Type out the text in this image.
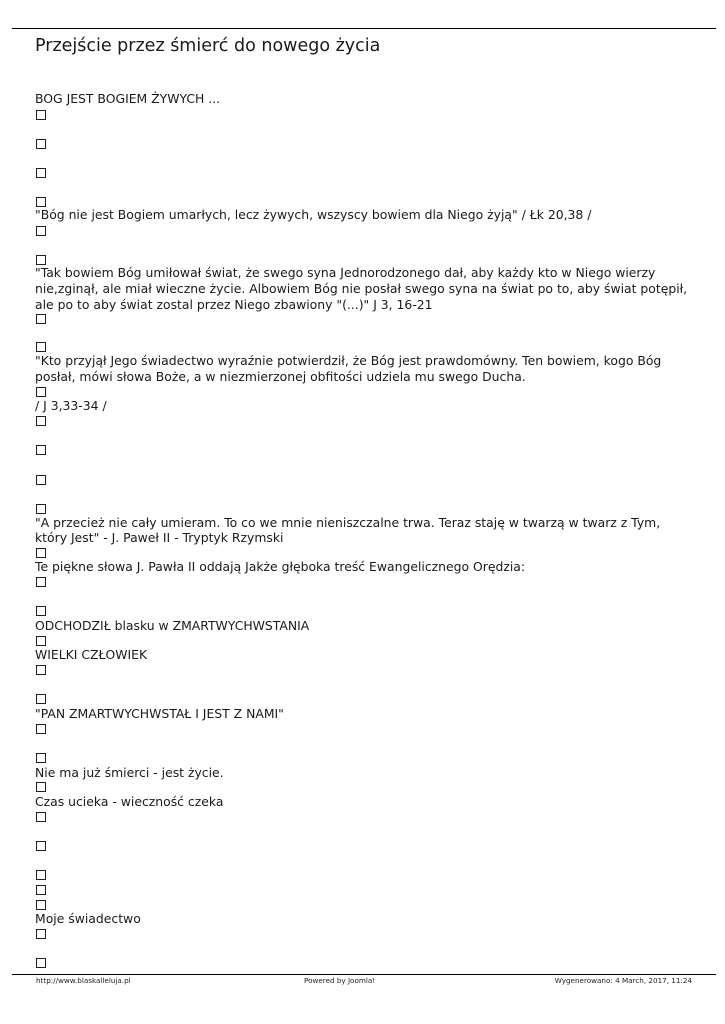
Przejście przez śmierć do nowego życia
BOG JEST BOGIEM ŻYWYCH ...
"Bóg nie jest Bogiem umarłych, lecz żywych, wszyscy bowiem dla Niego żyją" / Łk 20,38 /
"Tak bowiem Bóg umiłował świat, że swego syna Jednorodzonego dał, aby każdy kto w Niego wierzy
nie,zginął, ale miał wieczne życie. Albowiem Bóg nie posłał swego syna na świat po to, aby świat potępił,
ale po to aby świat zostal przez Niego zbawiony "(...)" J 3, 16-21
"Kto przyjął Jego świadectwo wyraźnie potwierdził, że Bóg jest prawdomówny. Ten bowiem, kogo Bóg
posłał, mówi słowa Boże, a w niezmierzonej obfitości udziela mu swego Ducha.
/ J 3,33-34 /
"A przecież nie cały umieram. To co we mnie nieniszczalne trwa. Teraz staję w twarzą w twarz z Tym,
który Jest" - J. Paweł II - Tryptyk Rzymski
Te piękne słowa J. Pawła II oddają Jakże głęboka treść Ewangelicznego Orędzia:
ODCHODZIŁ blasku w ZMARTWYCHWSTANIA
WIELKI CZŁOWIEK
"PAN ZMARTWYCHWSTAŁ I JEST Z NAMI"
Nie ma już śmierci - jest życie.
Czas ucieka - wieczność czeka
Moje świadectwo
http://www.blaskalleluja.pl	Powered by Joomla!	Wygenerowano: 4 March, 2017, 11:24
